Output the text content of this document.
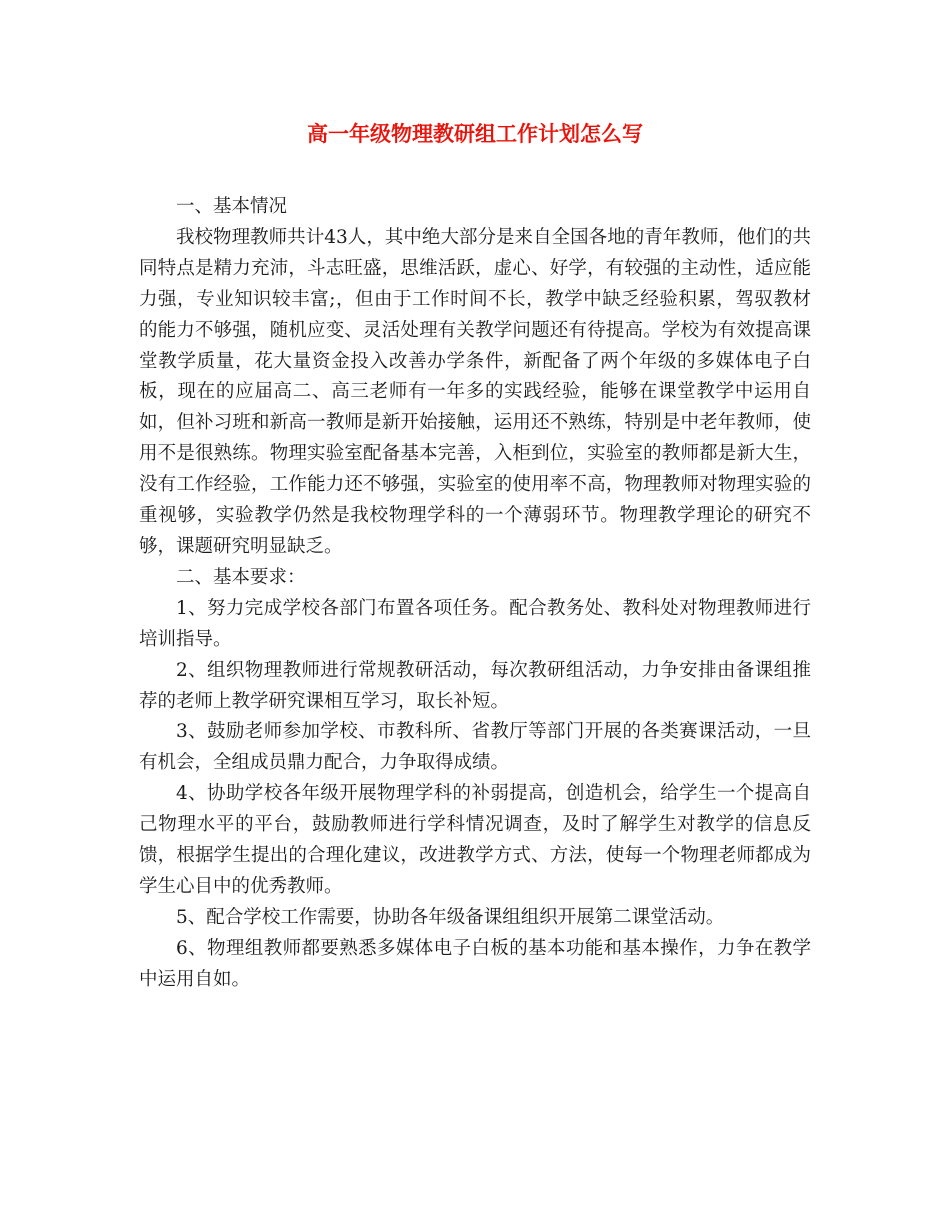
高一年级物理教研组工作计划怎么写

一、基本情况

我校物理教师共计43人，其中绝大部分是来自全国各地的青年教师，他们的共同特点是精力充沛，斗志旺盛，思维活跃，虚心、好学，有较强的主动性，适应能力强，专业知识较丰富;，但由于工作时间不长，教学中缺乏经验积累，驾驭教材的能力不够强，随机应变、灵活处理有关教学问题还有待提高。学校为有效提高课堂教学质量，花大量资金投入改善办学条件，新配备了两个年级的多媒体电子白板，现在的应届高二、高三老师有一年多的实践经验，能够在课堂教学中运用自如，但补习班和新高一教师是新开始接触，运用还不熟练，特别是中老年教师，使用不是很熟练。物理实验室配备基本完善，入柜到位，实验室的教师都是新大生，没有工作经验，工作能力还不够强，实验室的使用率不高，物理教师对物理实验的重视够，实验教学仍然是我校物理学科的一个薄弱环节。物理教学理论的研究不够，课题研究明显缺乏。

二、基本要求：

1、努力完成学校各部门布置各项任务。配合教务处、教科处对物理教师进行培训指导。

2、组织物理教师进行常规教研活动，每次教研组活动，力争安排由备课组推荐的老师上教学研究课相互学习，取长补短。

3、鼓励老师参加学校、市教科所、省教厅等部门开展的各类赛课活动，一旦有机会，全组成员鼎力配合，力争取得成绩。

4、协助学校各年级开展物理学科的补弱提高，创造机会，给学生一个提高自己物理水平的平台，鼓励教师进行学科情况调查，及时了解学生对教学的信息反馈，根据学生提出的合理化建议，改进教学方式、方法，使每一个物理老师都成为学生心目中的优秀教师。

5、配合学校工作需要，协助各年级备课组组织开展第二课堂活动。

6、物理组教师都要熟悉多媒体电子白板的基本功能和基本操作，力争在教学中运用自如。
